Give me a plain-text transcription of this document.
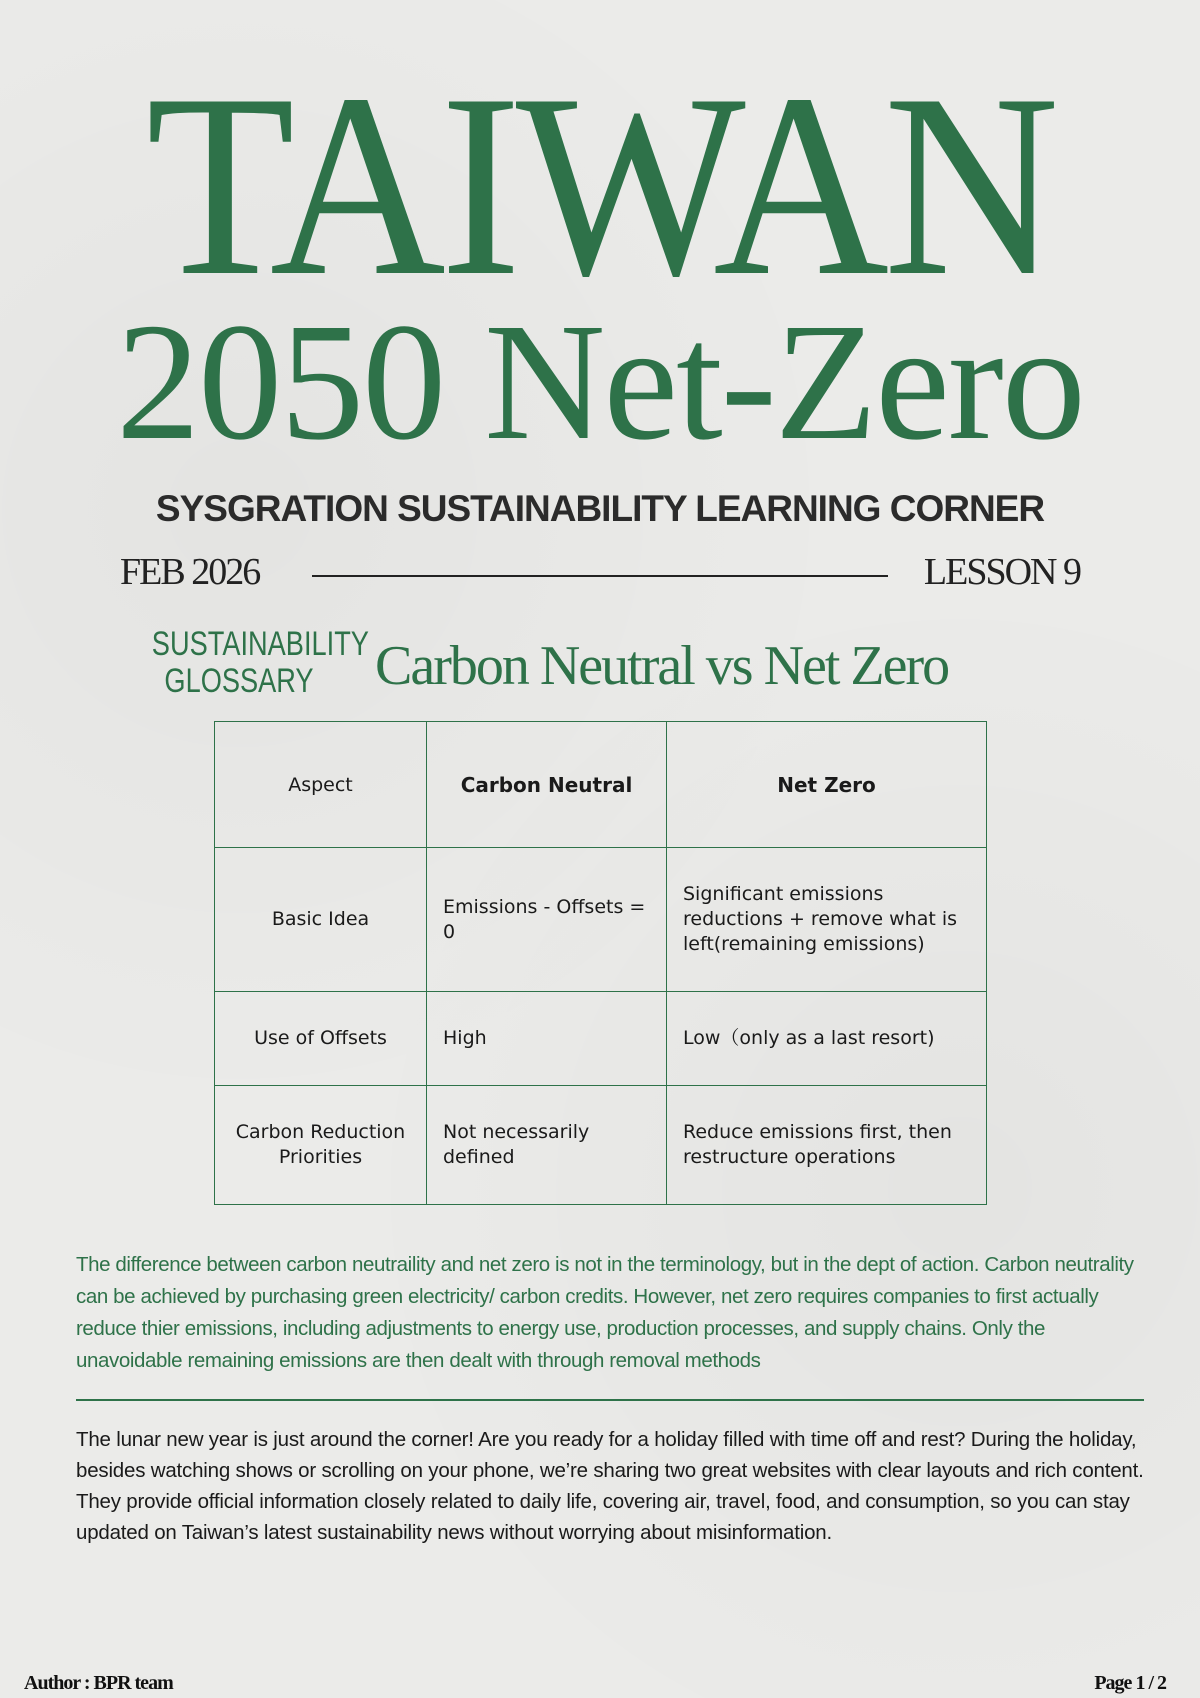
TAIWAN
2050 Net-Zero
SYSGRATION SUSTAINABILITY LEARNING CORNER
FEB 2026	LESSON 9
SUSTAINABILITY
GLOSSARY Carbon Neutral vs Net Zero
Aspect	Carbon Neutral	Net Zero
Basic Idea	Emissions - Offsets = 0	Significant emissions reductions + remove what is left(remaining emissions)
Use of Offsets	High	Low（only as a last resort)
Carbon Reduction Priorities	Not necessarily defined	Reduce emissions first, then restructure operations
The difference between carbon neutraility and net zero is not in the terminology, but in the dept of action. Carbon neutrality can be achieved by purchasing green electricity/ carbon credits. However, net zero requires companies to first actually reduce thier emissions, including adjustments to energy use, production processes, and supply chains. Only the unavoidable remaining emissions are then dealt with through removal methods
The lunar new year is just around the corner! Are you ready for a holiday filled with time off and rest? During the holiday, besides watching shows or scrolling on your phone, we’re sharing two great websites with clear layouts and rich content.
They provide official information closely related to daily life, covering air, travel, food, and consumption, so you can stay updated on Taiwan’s latest sustainability news without worrying about misinformation.
Author : BPR team	Page 1 / 2
